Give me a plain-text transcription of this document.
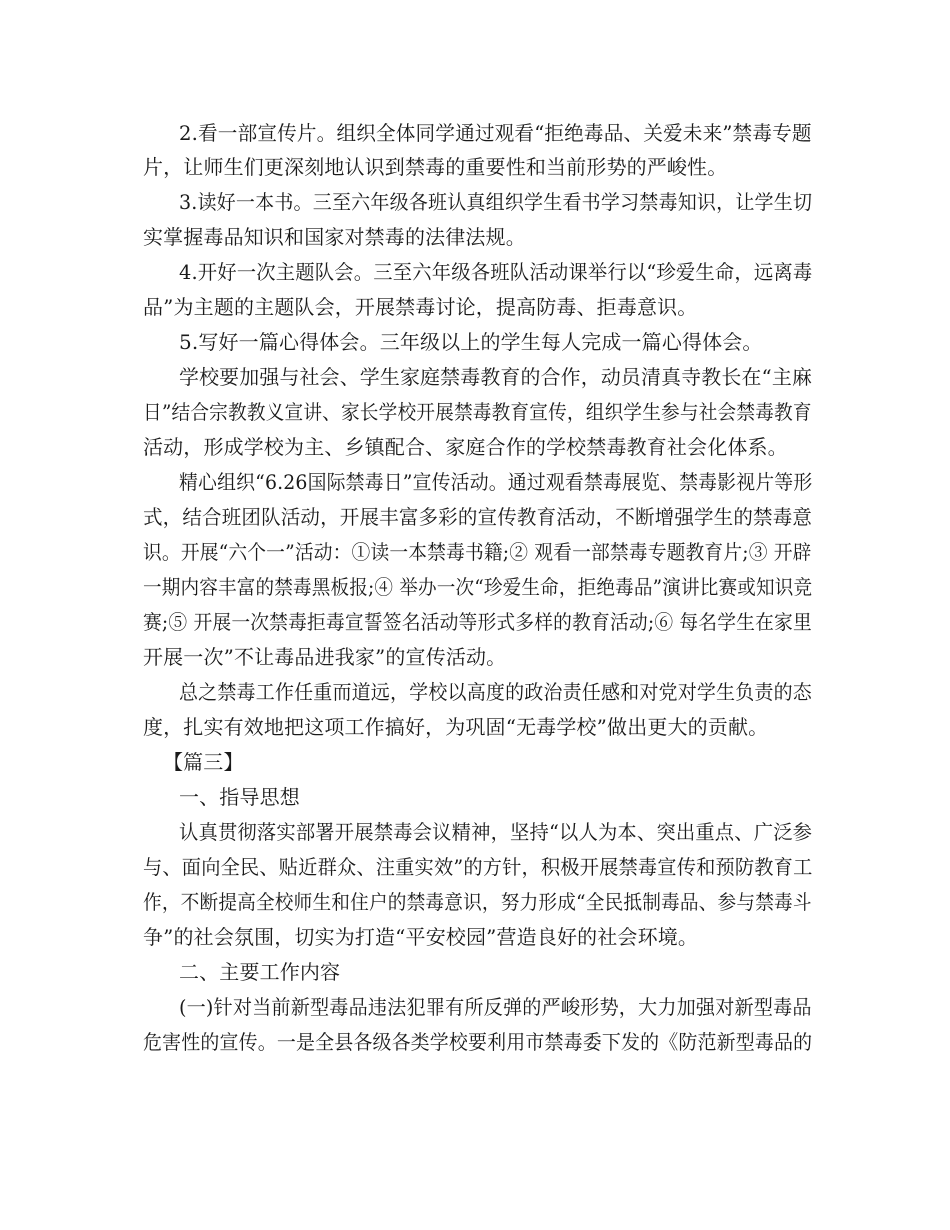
2.看一部宣传片。组织全体同学通过观看“拒绝毒品、关爱未来”禁毒专题
片，让师生们更深刻地认识到禁毒的重要性和当前形势的严峻性。
3.读好一本书。三至六年级各班认真组织学生看书学习禁毒知识，让学生切
实掌握毒品知识和国家对禁毒的法律法规。
4.开好一次主题队会。三至六年级各班队活动课举行以“珍爱生命，远离毒
品”为主题的主题队会，开展禁毒讨论，提高防毒、拒毒意识。
5.写好一篇心得体会。三年级以上的学生每人完成一篇心得体会。
学校要加强与社会、学生家庭禁毒教育的合作，动员清真寺教长在“主麻
日”结合宗教教义宣讲、家长学校开展禁毒教育宣传，组织学生参与社会禁毒教育
活动，形成学校为主、乡镇配合、家庭合作的学校禁毒教育社会化体系。
精心组织“6.26国际禁毒日”宣传活动。通过观看禁毒展览、禁毒影视片等形
式，结合班团队活动，开展丰富多彩的宣传教育活动，不断增强学生的禁毒意
识。开展“六个一”活动：①读一本禁毒书籍;② 观看一部禁毒专题教育片;③ 开辟
一期内容丰富的禁毒黑板报;④ 举办一次“珍爱生命，拒绝毒品”演讲比赛或知识竞
赛;⑤ 开展一次禁毒拒毒宣誓签名活动等形式多样的教育活动;⑥ 每名学生在家里
开展一次”不让毒品进我家”的宣传活动。
总之禁毒工作任重而道远，学校以高度的政治责任感和对党对学生负责的态
度，扎实有效地把这项工作搞好，为巩固“无毒学校”做出更大的贡献。
【篇三】
一、指导思想
认真贯彻落实部署开展禁毒会议精神，坚持“以人为本、突出重点、广泛参
与、面向全民、贴近群众、注重实效”的方针，积极开展禁毒宣传和预防教育工
作，不断提高全校师生和住户的禁毒意识，努力形成“全民抵制毒品、参与禁毒斗
争”的社会氛围，切实为打造“平安校园”营造良好的社会环境。
二、主要工作内容
(一)针对当前新型毒品违法犯罪有所反弹的严峻形势，大力加强对新型毒品
危害性的宣传。一是全县各级各类学校要利用市禁毒委下发的《防范新型毒品的
